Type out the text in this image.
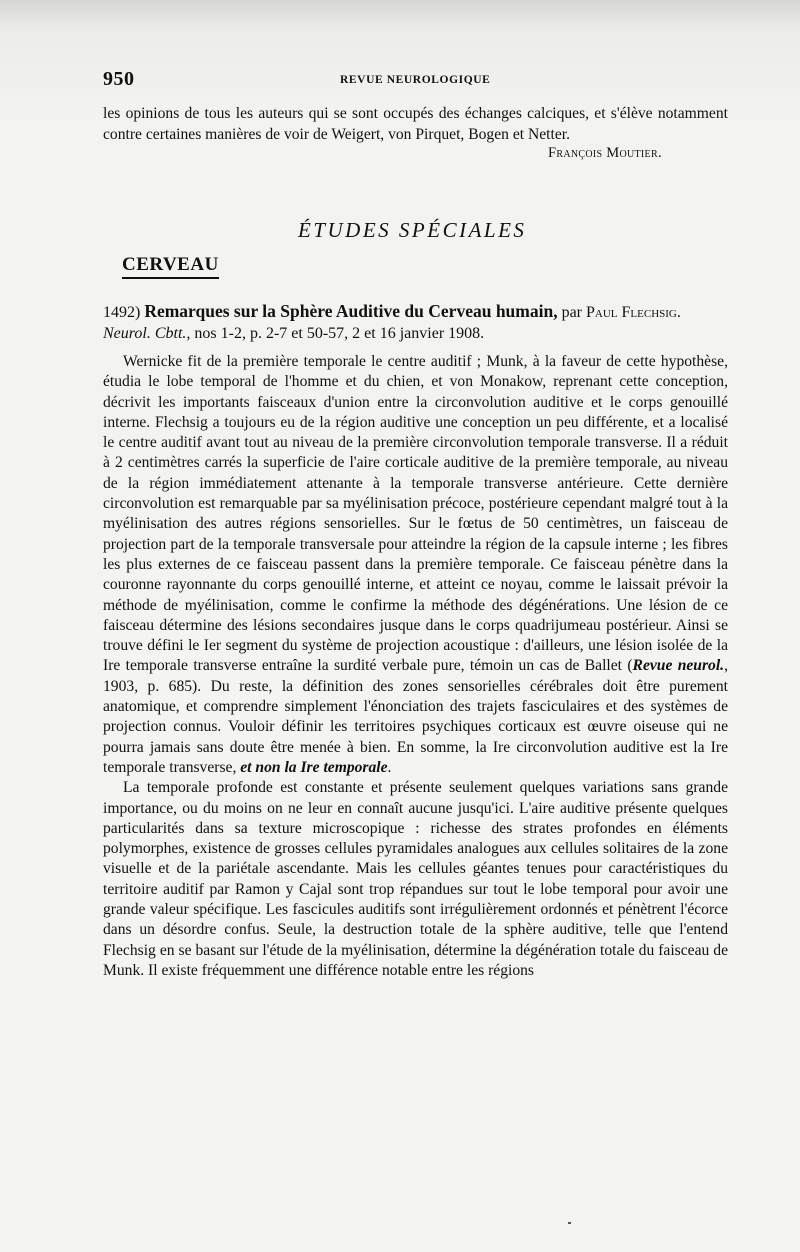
950	REVUE NEUROLOGIQUE
les opinions de tous les auteurs qui se sont occupés des échanges calciques, et s'élève notamment contre certaines manières de voir de Weigert, von Pirquet, Bogen et Netter.
François Moutier.
ÉTUDES SPÉCIALES
CERVEAU
1492) Remarques sur la Sphère Auditive du Cerveau humain, par Paul Flechsig. Neurol. Cbtt., nos 1-2, p. 2-7 et 50-57, 2 et 16 janvier 1908.

Wernicke fit de la première temporale le centre auditif ; Munk, à la faveur de cette hypothèse, étudia le lobe temporal de l'homme et du chien, et von Monakow, reprenant cette conception, décrivit les importants faisceaux d'union entre la circonvolution auditive et le corps genouillé interne. Flechsig a toujours eu de la région auditive une conception un peu différente, et a localisé le centre auditif avant tout au niveau de la première circonvolution temporale transverse. Il a réduit à 2 centimètres carrés la superficie de l'aire corticale auditive de la première temporale, au niveau de la région immédiatement attenante à la temporale transverse antérieure. Cette dernière circonvolution est remarquable par sa myélinisation précoce, postérieure cependant malgré tout à la myélinisation des autres régions sensorielles. Sur le fœtus de 50 centimètres, un faisceau de projection part de la temporale transversale pour atteindre la région de la capsule interne ; les fibres les plus externes de ce faisceau passent dans la première temporale. Ce faisceau pénètre dans la couronne rayonnante du corps genouillé interne, et atteint ce noyau, comme le laissait prévoir la méthode de myélinisation, comme le confirme la méthode des dégénérations. Une lésion de ce faisceau détermine des lésions secondaires jusque dans le corps quadrijumeau postérieur. Ainsi se trouve défini le Ier segment du système de projection acoustique : d'ailleurs, une lésion isolée de la Ire temporale transverse entraîne la surdité verbale pure, témoin un cas de Ballet (Revue neurol., 1903, p. 685). Du reste, la définition des zones sensorielles cérébrales doit être purement anatomique, et comprendre simplement l'énonciation des trajets fasciculaires et des systèmes de projection connus. Vouloir définir les territoires psychiques corticaux est œuvre oiseuse qui ne pourra jamais sans doute être menée à bien. En somme, la Ire circonvolution auditive est la Ire temporale transverse, et non la Ire temporale.

La temporale profonde est constante et présente seulement quelques variations sans grande importance, ou du moins on ne leur en connaît aucune jusqu'ici. L'aire auditive présente quelques particularités dans sa texture microscopique : richesse des strates profondes en éléments polymorphes, existence de grosses cellules pyramidales analogues aux cellules solitaires de la zone visuelle et de la pariétale ascendante. Mais les cellules géantes tenues pour caractéristiques du territoire auditif par Ramon y Cajal sont trop répandues sur tout le lobe temporal pour avoir une grande valeur spécifique. Les fascicules auditifs sont irrégulièrement ordonnés et pénètrent l'écorce dans un désordre confus. Seule, la destruction totale de la sphère auditive, telle que l'entend Flechsig en se basant sur l'étude de la myélinisation, détermine la dégénération totale du faisceau de Munk. Il existe fréquemment une différence notable entre les régions
